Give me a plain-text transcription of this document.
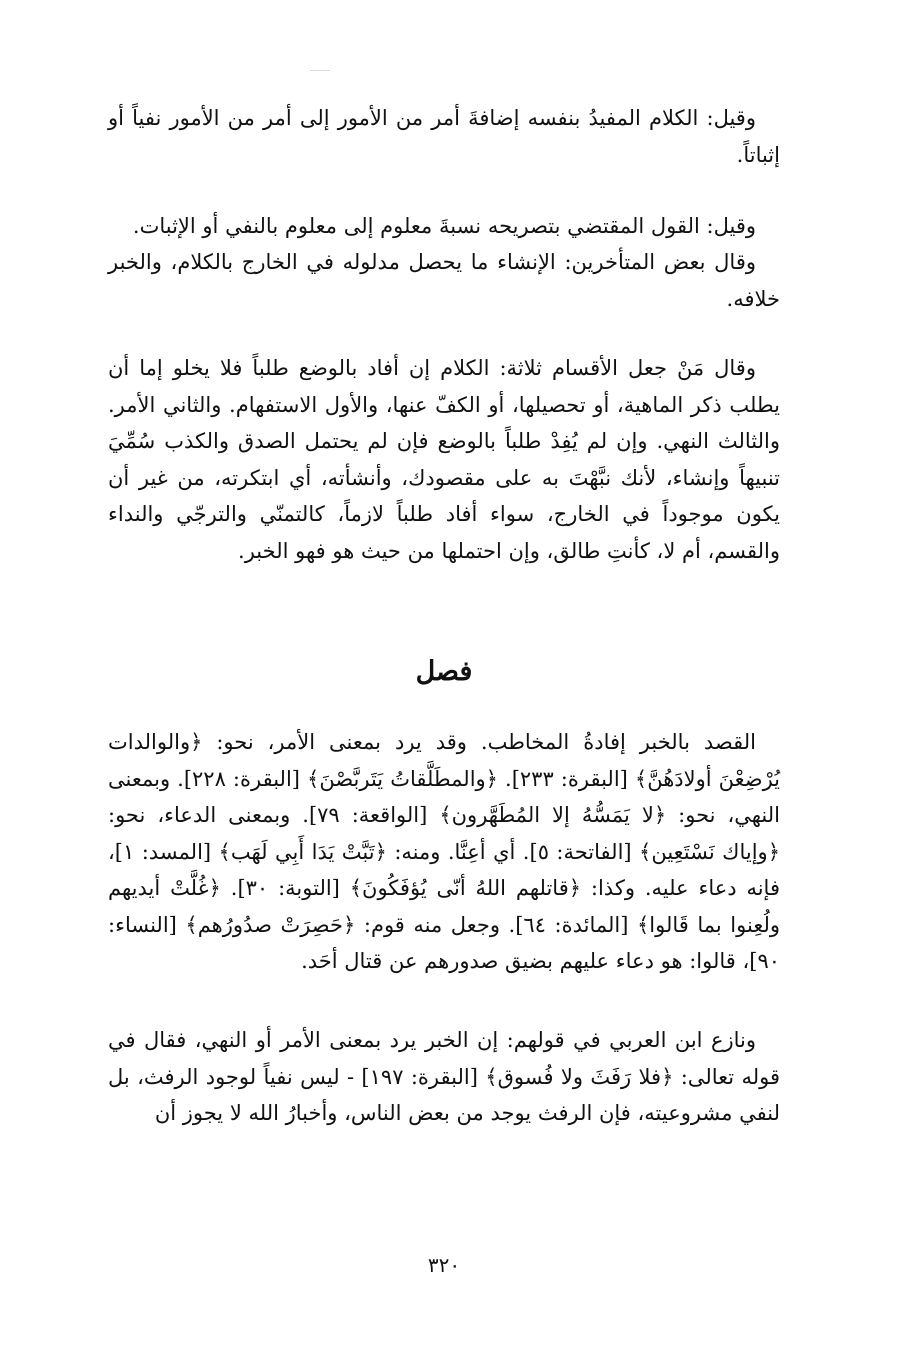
وقيل: الكلام المفيدُ بنفسه إضافةَ أمر من الأمور إلى أمر من الأمور نفياً أو إثباتاً.

وقيل: القول المقتضي بتصريحه نسبةَ معلوم إلى معلوم بالنفي أو الإثبات.

وقال بعض المتأخرين: الإنشاء ما يحصل مدلوله في الخارج بالكلام، والخبر خلافه.

وقال مَنْ جعل الأقسام ثلاثة: الكلام إن أفاد بالوضع طلباً فلا يخلو إما أن يطلب ذكر الماهية، أو تحصيلها، أو الكفّ عنها، والأول الاستفهام. والثاني الأمر. والثالث النهي. وإن لم يُفِدْ طلباً بالوضع فإن لم يحتمل الصدق والكذب سُمِّيَ تنبيهاً وإنشاء، لأنك نبَّهْتَ به على مقصودك، وأنشأته، أي ابتكرته، من غير أن يكون موجوداً في الخارج، سواء أفاد طلباً لازماً، كالتمنّي والترجّي والنداء والقسم، أم لا، كأنتِ طالق، وإن احتملها من حيث هو فهو الخبر.

فصل

القصد بالخبر إفادةُ المخاطب. وقد يرد بمعنى الأمر، نحو: ﴿والوالدات يُرْضِعْنَ أولادَهُنَّ﴾ [البقرة: ٢٣٣]. ﴿والمطَلَّقاتُ يَتَربَّصْنَ﴾ [البقرة: ٢٢٨]. وبمعنى النهي، نحو: ﴿لا يَمَسُّهُ إلا المُطَهَّرون﴾ [الواقعة: ٧٩]. وبمعنى الدعاء، نحو: ﴿وإياك نَسْتَعِين﴾ [الفاتحة: ٥]. أي أعِنَّا. ومنه: ﴿تَبَّتْ يَدَا أَبِي لَهَب﴾ [المسد: ١]، فإنه دعاء عليه. وكذا: ﴿قاتلهم اللهُ أنّى يُؤفَكُونَ﴾ [التوبة: ٣٠]. ﴿غُلَّتْ أيديهم ولُعِنوا بما قَالوا﴾ [المائدة: ٦٤]. وجعل منه قوم: ﴿حَصِرَتْ صدُورُهم﴾ [النساء: ٩٠]، قالوا: هو دعاء عليهم بضيق صدورهم عن قتال أحَد.

ونازع ابن العربي في قولهم: إن الخبر يرد بمعنى الأمر أو النهي، فقال في قوله تعالى: ﴿فلا رَفَثَ ولا فُسوق﴾ [البقرة: ١٩٧] - ليس نفياً لوجود الرفث، بل لنفي مشروعيته، فإن الرفث يوجد من بعض الناس، وأخبارُ الله لا يجوز أن

٣٢٠
